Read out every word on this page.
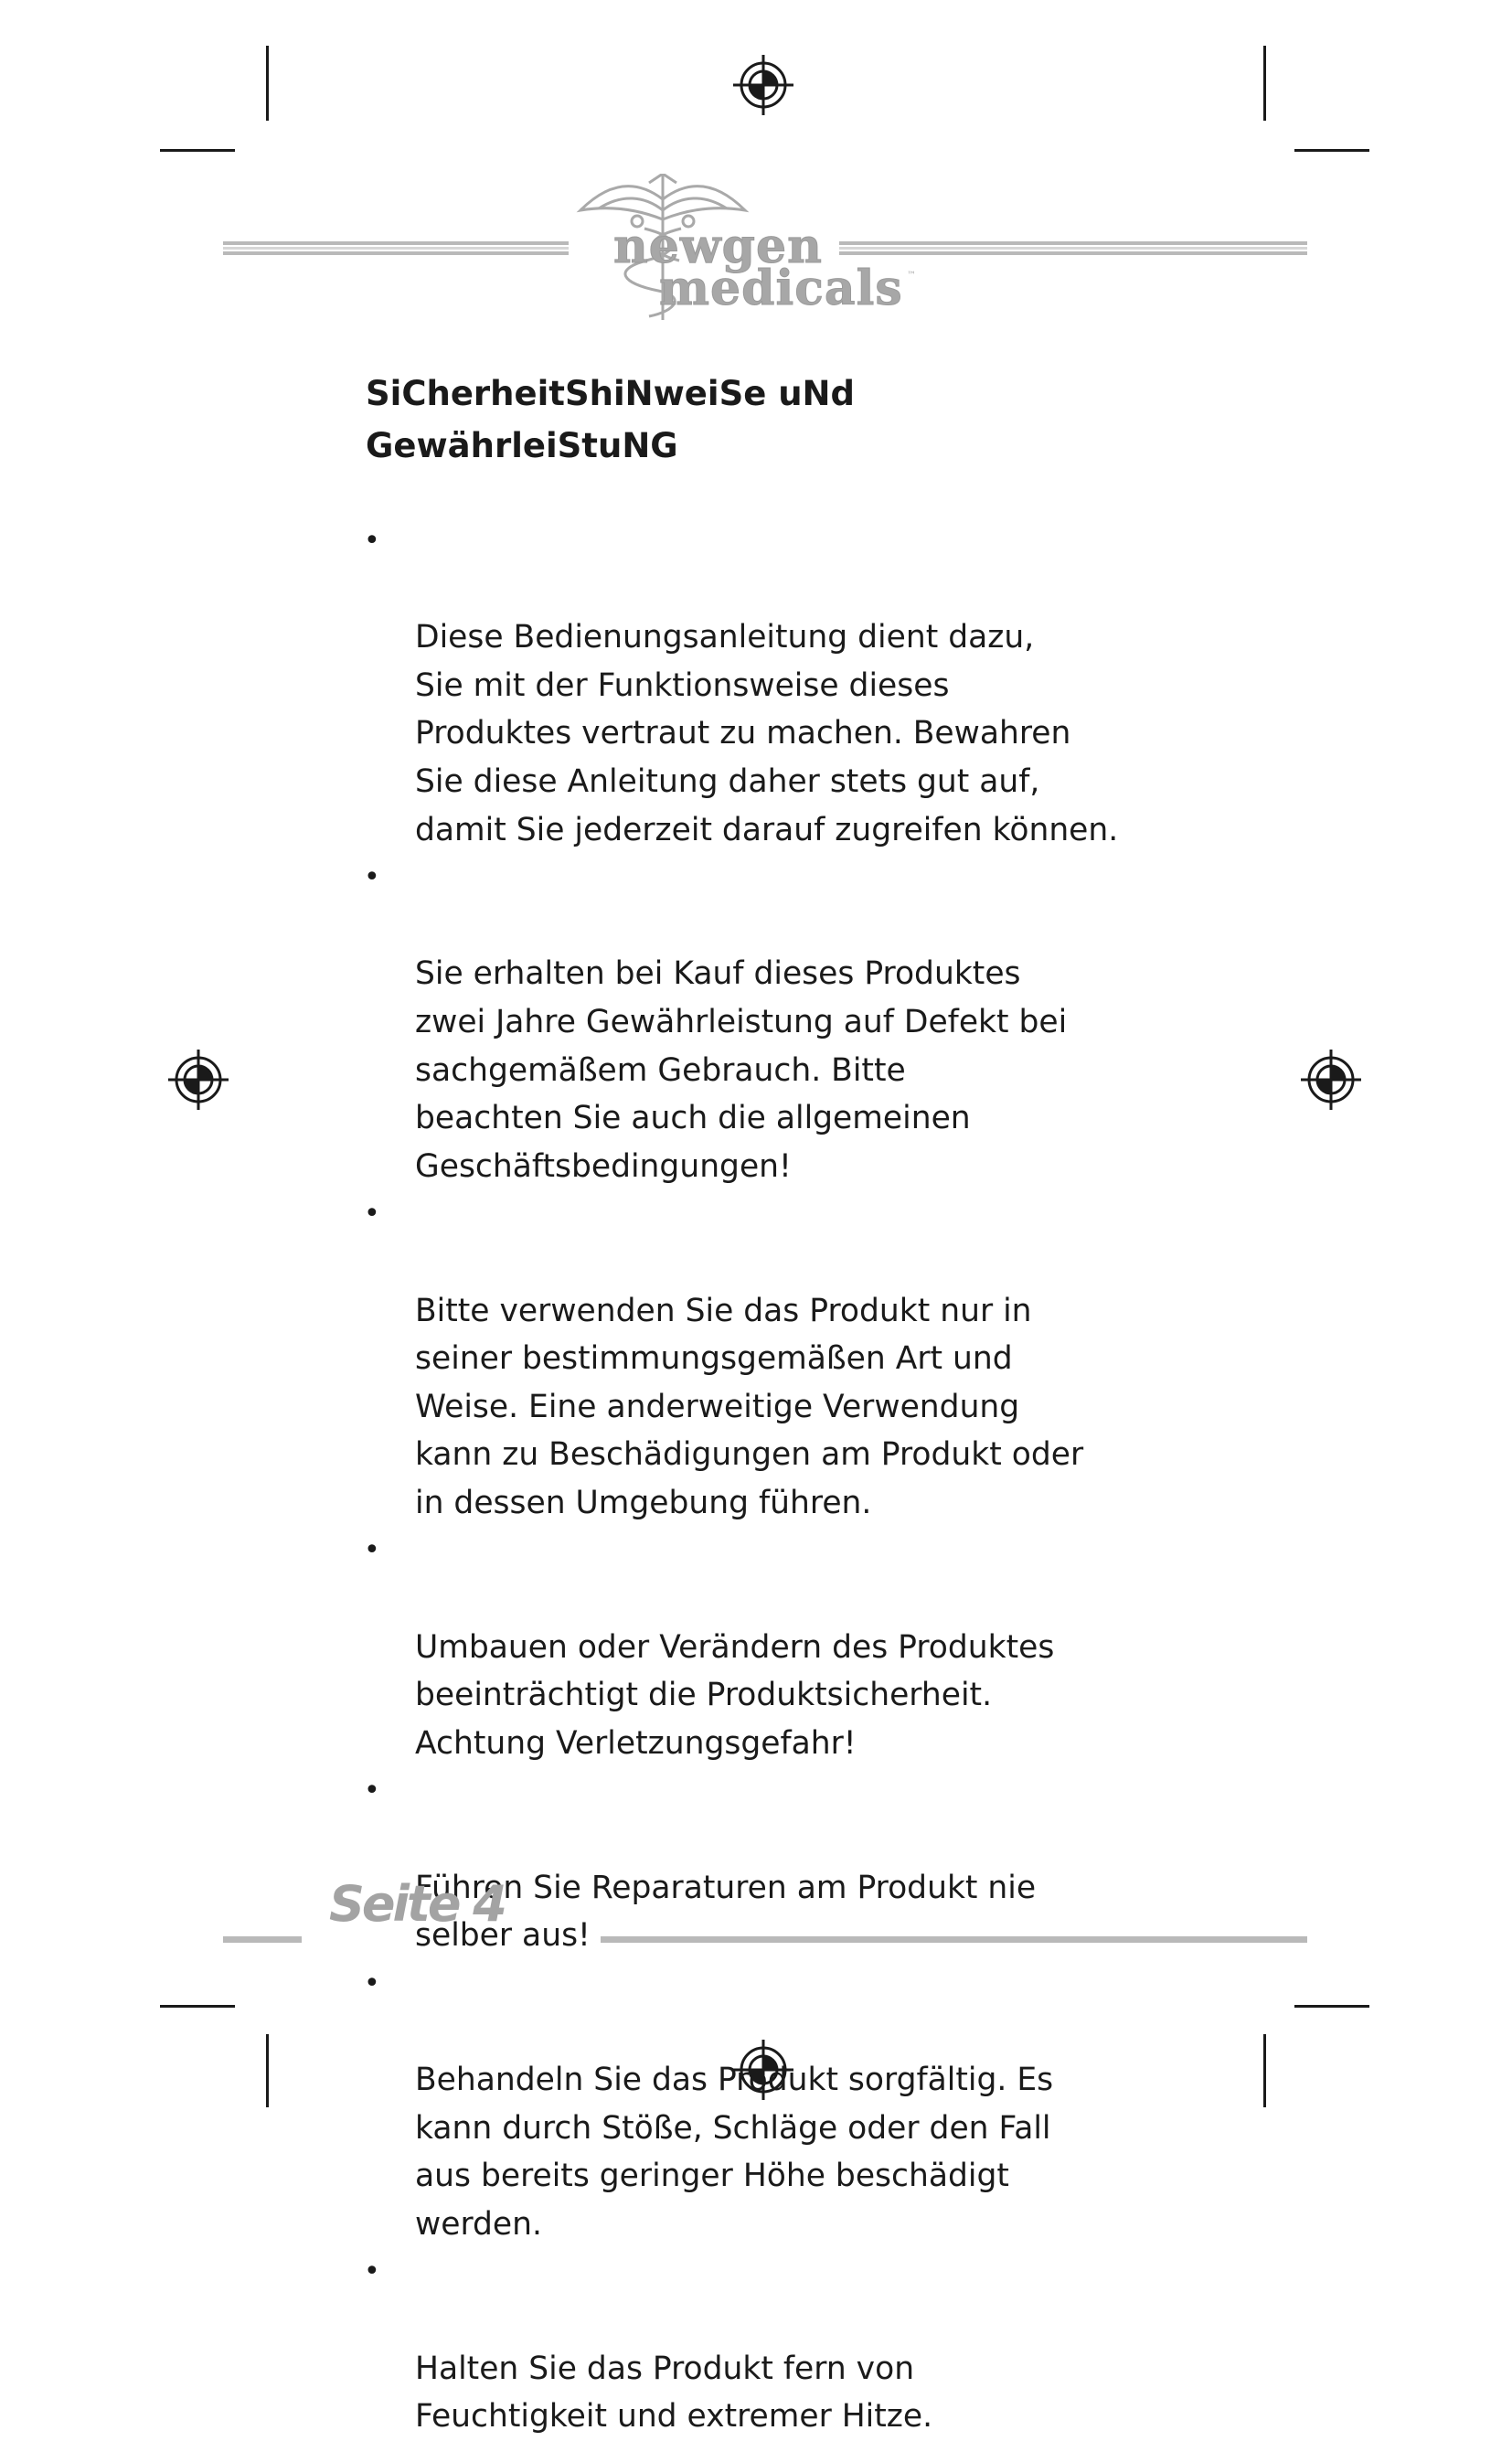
newgen
medicals ™
SiCherheitShiNweiSe uNd
GewährleiStuNG

•

Diese Bedienungsanleitung dient dazu,
Sie mit der Funktionsweise dieses
Produktes vertraut zu machen. Bewahren
Sie diese Anleitung daher stets gut auf,
damit Sie jederzeit darauf zugreifen können.

•

Sie erhalten bei Kauf dieses Produktes
zwei Jahre Gewährleistung auf Defekt bei
sachgemäßem Gebrauch. Bitte
beachten Sie auch die allgemeinen
Geschäftsbedingungen!

•

Bitte verwenden Sie das Produkt nur in
seiner bestimmungsgemäßen Art und
Weise. Eine anderweitige Verwendung
kann zu Beschädigungen am Produkt oder
in dessen Umgebung führen.

•

Umbauen oder Verändern des Produktes
beeinträchtigt die Produktsicherheit.
Achtung Verletzungsgefahr!

•

Führen Sie Reparaturen am Produkt nie
selber aus!

•

Behandeln Sie das Produkt sorgfältig. Es
kann durch Stöße, Schläge oder den Fall
aus bereits geringer Höhe beschädigt
werden.

•

Halten Sie das Produkt fern von
Feuchtigkeit und extremer Hitze.

Seite 4
